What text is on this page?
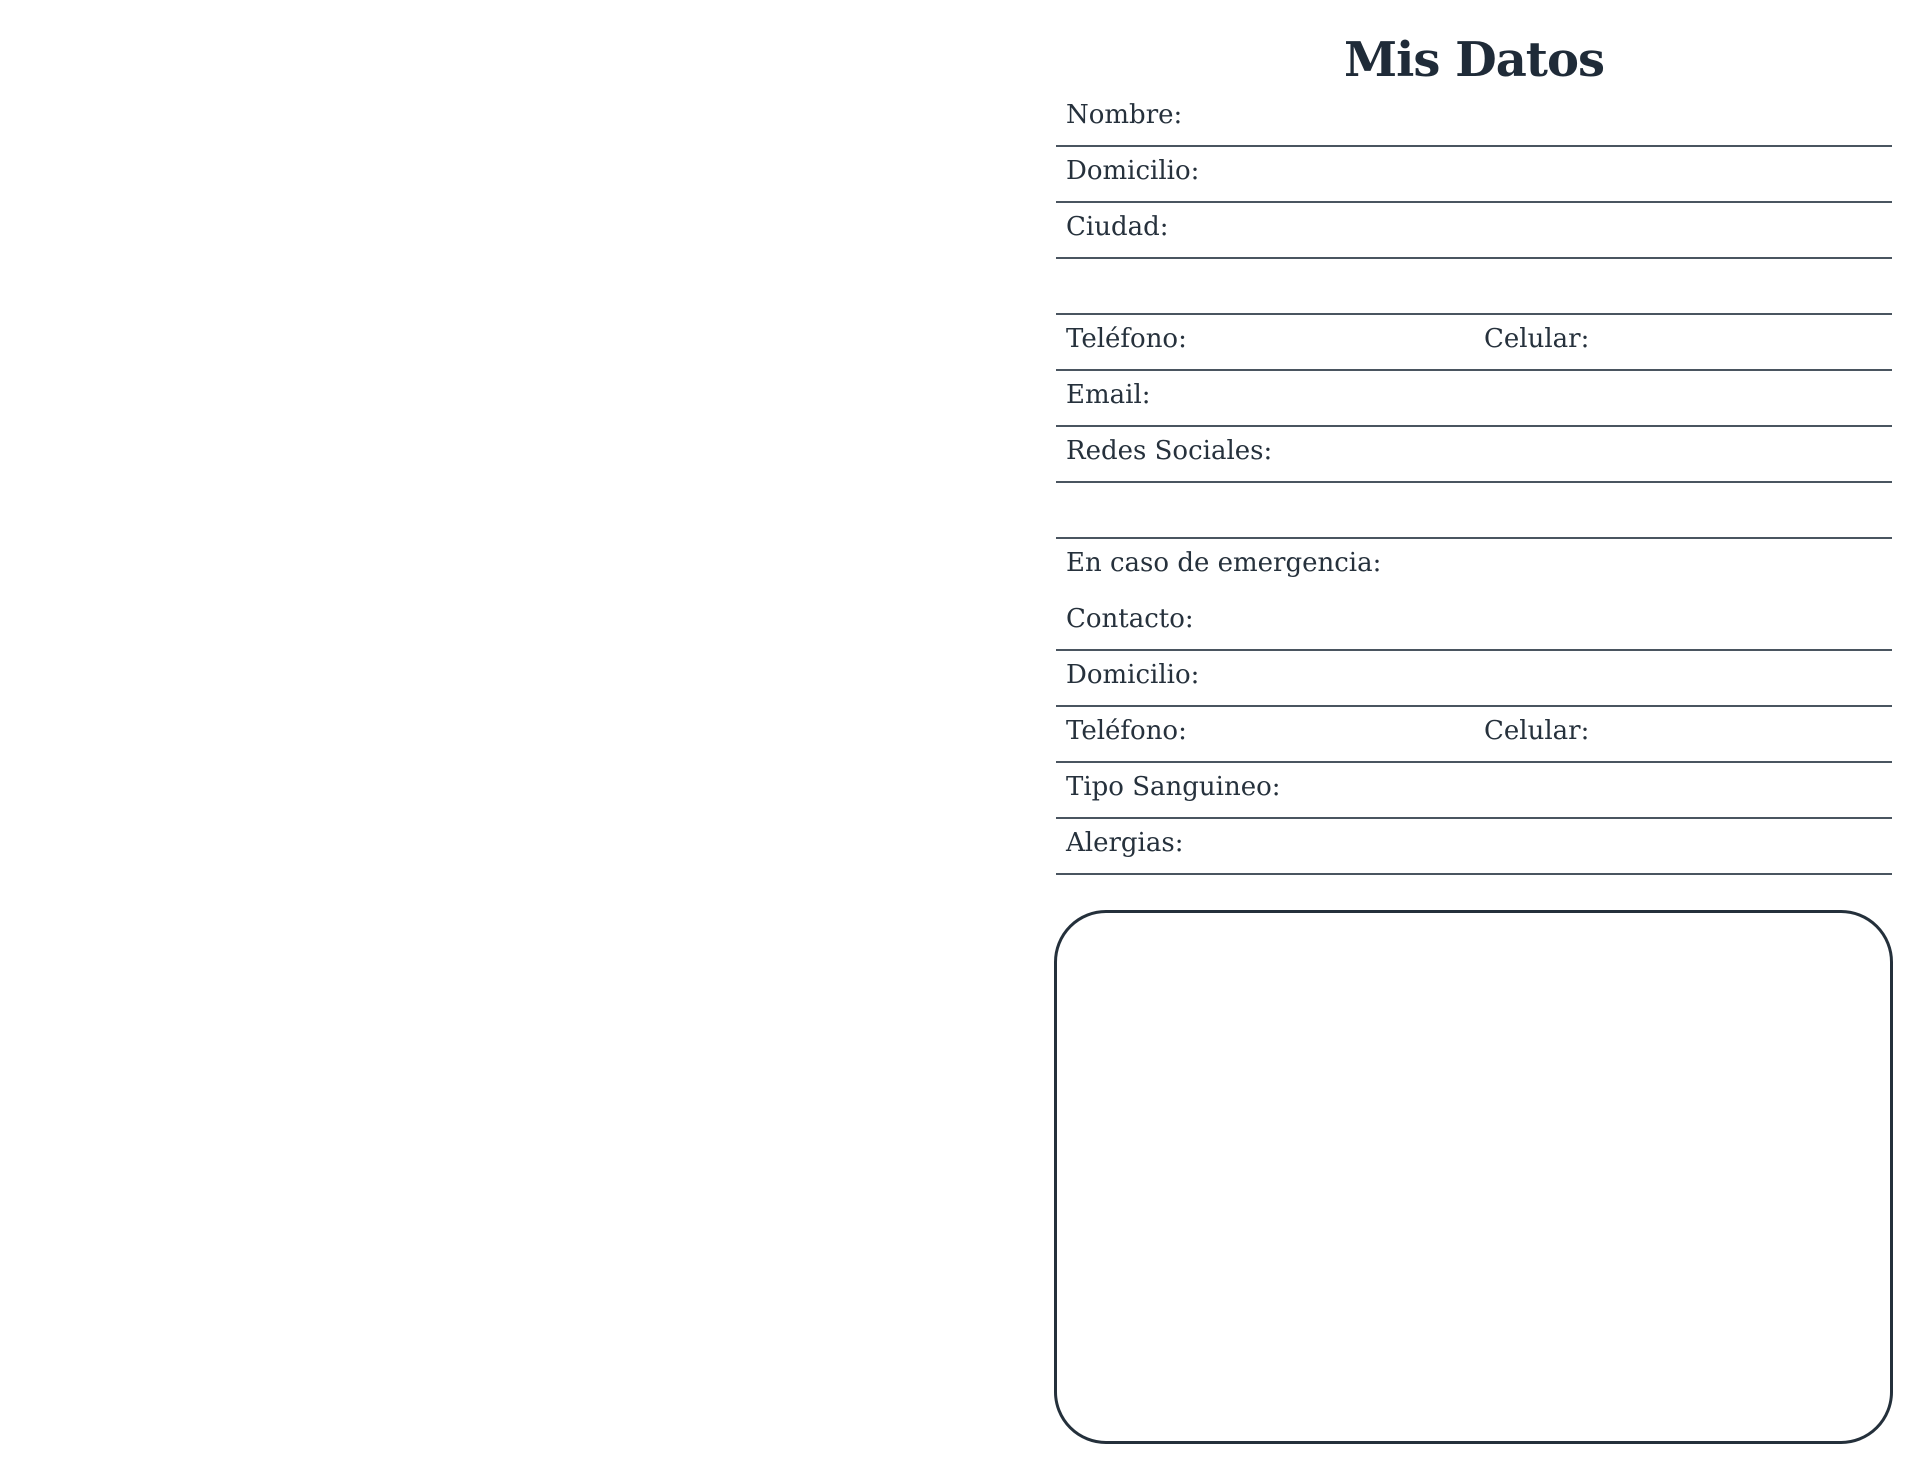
Mis Datos
Nombre:
Domicilio:
Ciudad:
Teléfono:	Celular:
Email:
Redes Sociales:
En caso de emergencia:
Contacto:
Domicilio:
Teléfono:	Celular:
Tipo Sanguineo:
Alergias:
